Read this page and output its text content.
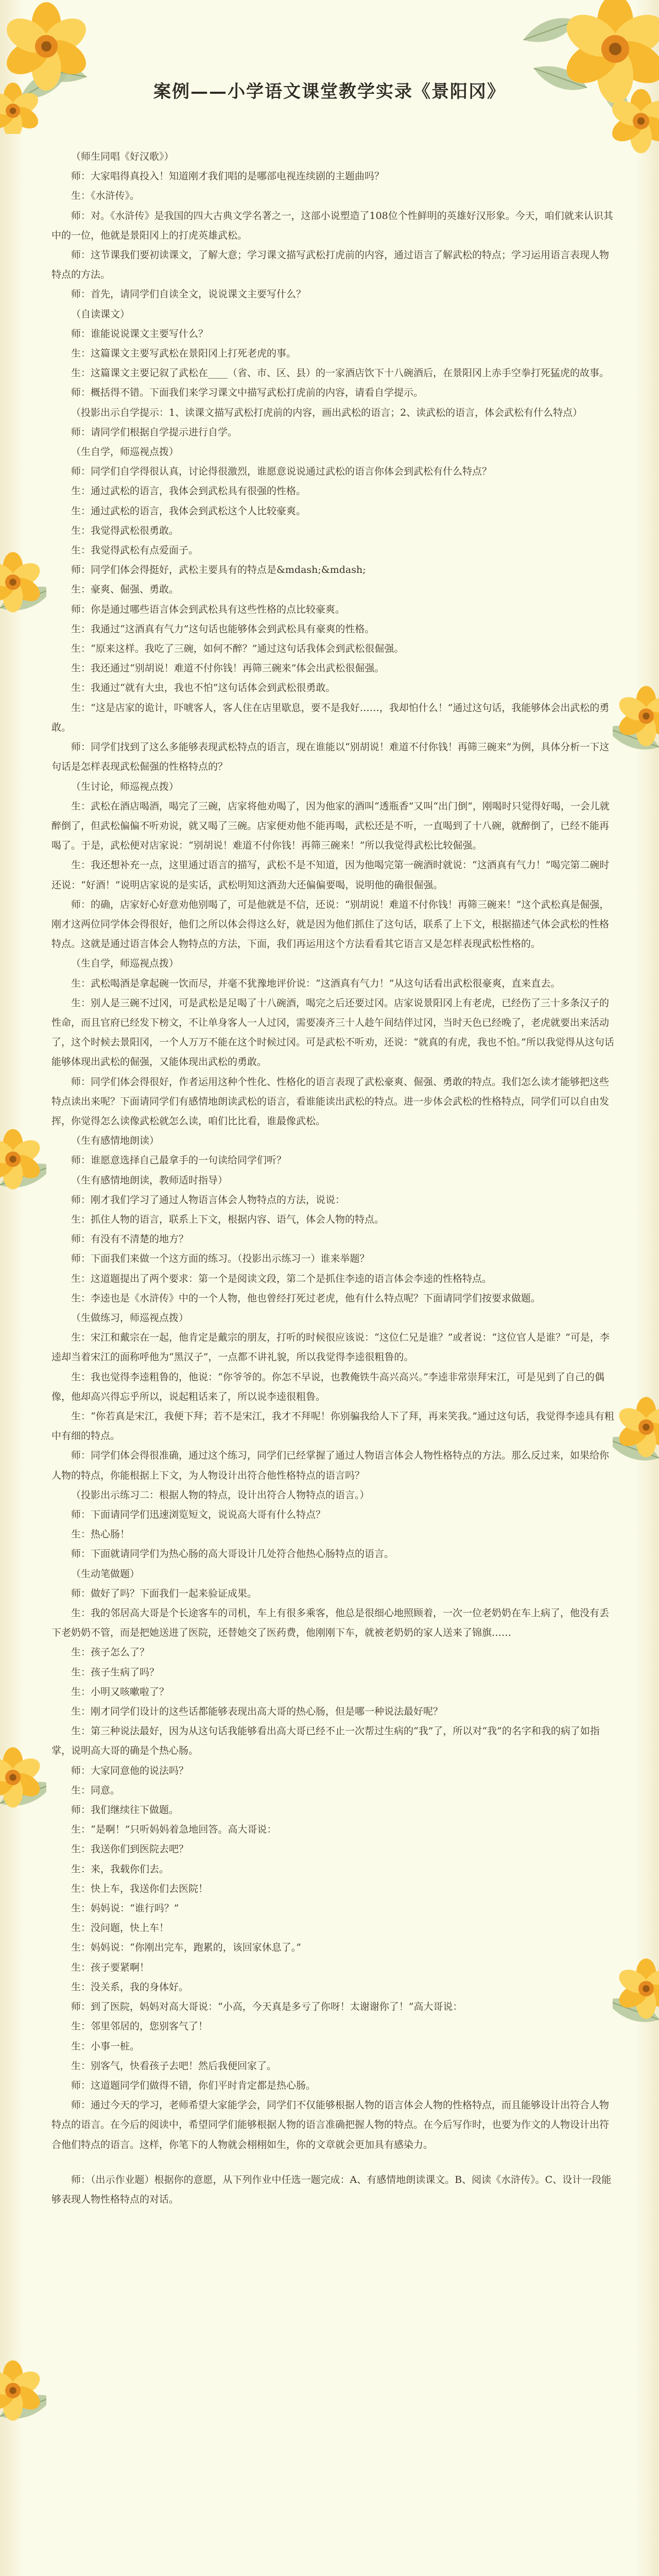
案例——小学语文课堂教学实录《景阳冈》

（师生同唱《好汉歌》）

师：大家唱得真投入！知道刚才我们唱的是哪部电视连续剧的主题曲吗？

生：《水浒传》。

师：对。《水浒传》是我国的四大古典文学名著之一，这部小说塑造了108位个性鲜明的英雄好汉形象。今天，咱们就来认识其中的一位，他就是景阳冈上的打虎英雄武松。

师：这节课我们要初读课文，了解大意；学习课文描写武松打虎前的内容，通过语言了解武松的特点；学习运用语言表现人物特点的方法。

师：首先，请同学们自读全文，说说课文主要写什么？

（自读课文）

师：谁能说说课文主要写什么？

生：这篇课文主要写武松在景阳冈上打死老虎的事。

生：这篇课文主要记叙了武松在____（省、市、区、县）的一家酒店饮下十八碗酒后，在景阳冈上赤手空拳打死猛虎的故事。

师：概括得不错。下面我们来学习课文中描写武松打虎前的内容，请看自学提示。

（投影出示自学提示：1、读课文描写武松打虎前的内容，画出武松的语言；2、读武松的语言，体会武松有什么特点）

师：请同学们根据自学提示进行自学。

（生自学，师巡视点拨）

师：同学们自学得很认真，讨论得很激烈，谁愿意说说通过武松的语言你体会到武松有什么特点？

生：通过武松的语言，我体会到武松具有很强的性格。

生：通过武松的语言，我体会到武松这个人比较豪爽。

生：我觉得武松很勇敢。

生：我觉得武松有点爱面子。

师：同学们体会得挺好，武松主要具有的特点是&mdash;&mdash;

生：豪爽、倔强、勇敢。

师：你是通过哪些语言体会到武松具有这些性格的点比较豪爽。

生：我通过“这酒真有气力”这句话也能够体会到武松具有豪爽的性格。

生：“原来这样。我吃了三碗，如何不醉？”通过这句话我体会到武松很倔强。

生：我还通过“别胡说！难道不付你钱！再筛三碗来”体会出武松很倔强。

生：我通过“就有大虫，我也不怕”这句话体会到武松很勇敢。

生：“这是店家的诡计，吓唬客人，客人住在店里歇息，要不是我好……，我却怕什么！”通过这句话，我能够体会出武松的勇敢。

师：同学们找到了这么多能够表现武松特点的语言，现在谁能以“别胡说！难道不付你钱！再筛三碗来”为例，具体分析一下这句话是怎样表现武松倔强的性格特点的？

（生讨论，师巡视点拨）

生：武松在酒店喝酒，喝完了三碗，店家将他劝喝了，因为他家的酒叫“透瓶香”又叫“出门倒”，刚喝时只觉得好喝，一会儿就醉倒了，但武松偏偏不听劝说，就又喝了三碗。店家便劝他不能再喝，武松还是不听，一直喝到了十八碗，就醉倒了，已经不能再喝了。于是，武松便对店家说：“别胡说！难道不付你钱！再筛三碗来！”所以我觉得武松比较倔强。

生：我还想补充一点，这里通过语言的描写，武松不是不知道，因为他喝完第一碗酒时就说：“这酒真有气力！”喝完第二碗时还说：“好酒！”说明店家说的是实话，武松明知这酒劲大还偏偏要喝，说明他的确很倔强。

师：的确，店家好心好意劝他别喝了，可是他就是不信，还说：“别胡说！难道不付你钱！再筛三碗来！”这个武松真是倔强，刚才这两位同学体会得很好，他们之所以体会得这么好，就是因为他们抓住了这句话，联系了上下文，根据描述气体会武松的性格特点。这就是通过语言体会人物特点的方法，下面，我们再运用这个方法看看其它语言又是怎样表现武松性格的。

（生自学，师巡视点拨）

生：武松喝酒是拿起碗一饮而尽，并毫不犹豫地评价说：“这酒真有气力！”从这句话看出武松很豪爽，直来直去。

生：别人是三碗不过冈，可是武松是足喝了十八碗酒，喝完之后还要过冈。店家说景阳冈上有老虎，已经伤了三十多条汉子的性命，而且官府已经发下榜文，不让单身客人一人过冈，需要凑齐三十人趁午间结伴过冈，当时天色已经晚了，老虎就要出来活动了，这个时候去景阳冈，一个人万万不能在这个时候过冈。可是武松不听劝，还说：“就真的有虎，我也不怕。”所以我觉得从这句话能够体现出武松的倔强，又能体现出武松的勇敢。

师：同学们体会得很好，作者运用这种个性化、性格化的语言表现了武松豪爽、倔强、勇敢的特点。我们怎么读才能够把这些特点读出来呢？下面请同学们有感情地朗读武松的语言，看谁能读出武松的特点。进一步体会武松的性格特点，同学们可以自由发挥，你觉得怎么读像武松就怎么读，咱们比比看，谁最像武松。

（生有感情地朗读）

师：谁愿意选择自己最拿手的一句读给同学们听？

（生有感情地朗读，教师适时指导）

师：刚才我们学习了通过人物语言体会人物特点的方法，说说：

生：抓住人物的语言，联系上下文，根据内容、语气，体会人物的特点。

师：有没有不清楚的地方？

师：下面我们来做一个这方面的练习。（投影出示练习一）谁来举题？

生：这道题提出了两个要求：第一个是阅读文段，第二个是抓住李逵的语言体会李逵的性格特点。

生：李逵也是《水浒传》中的一个人物，他也曾经打死过老虎，他有什么特点呢？下面请同学们按要求做题。

（生做练习，师巡视点拨）

生：宋江和戴宗在一起，他肯定是戴宗的朋友，打听的时候很应该说：“这位仁兄是谁？”或者说：“这位官人是谁？”可是，李逵却当着宋江的面称呼他为“黑汉子”，一点都不讲礼貌，所以我觉得李逵很粗鲁的。

生：我也觉得李逵粗鲁的，他说：“你爷爷的。你怎不早说，也教俺铁牛高兴高兴。”李逵非常崇拜宋江，可是见到了自己的偶像，他却高兴得忘乎所以，说起粗话来了，所以说李逵很粗鲁。

生：“你若真是宋江，我便下拜；若不是宋江，我才不拜呢！你别骗我给人下了拜，再来笑我。”通过这句话，我觉得李逵具有粗中有细的特点。

师：同学们体会得很准确，通过这个练习，同学们已经掌握了通过人物语言体会人物性格特点的方法。那么反过来，如果给你人物的特点，你能根据上下文，为人物设计出符合他性格特点的语言吗？

（投影出示练习二：根据人物的特点，设计出符合人物特点的语言。）

师：下面请同学们迅速浏览短文，说说高大哥有什么特点？

生：热心肠！

师：下面就请同学们为热心肠的高大哥设计几处符合他热心肠特点的语言。

（生动笔做题）

师：做好了吗？下面我们一起来验证成果。

生：我的邻居高大哥是个长途客车的司机，车上有很多乘客，他总是很细心地照顾着，一次一位老奶奶在车上病了，他没有丢下老奶奶不管，而是把她送进了医院，还替她交了医药费，他刚刚下车，就被老奶奶的家人送来了锦旗……

生：孩子怎么了？

生：孩子生病了吗？

生：小明又咳嗽啦了？

生：刚才同学们设计的这些话都能够表现出高大哥的热心肠，但是哪一种说法最好呢？

生：第三种说法最好，因为从这句话我能够看出高大哥已经不止一次帮过生病的“我”了，所以对“我”的名字和我的病了如指掌，说明高大哥的确是个热心肠。

师：大家同意他的说法吗？

生：同意。

师：我们继续往下做题。

生：“是啊！”只听妈妈着急地回答。高大哥说：

生：我送你们到医院去吧？

生：来，我载你们去。

生：快上车，我送你们去医院！

生：妈妈说：“谁行吗？”

生：没问题，快上车！

生：妈妈说：“你刚出完车，跑累的，该回家休息了。”

生：孩子要紧啊！

生：没关系，我的身体好。

师：到了医院，妈妈对高大哥说：“小高，今天真是多亏了你呀！太谢谢你了！”高大哥说：

生：邻里邻居的，您别客气了！

生：小事一桩。

生：别客气，快看孩子去吧！然后我便回家了。

师：这道题同学们做得不错，你们平时肯定都是热心肠。

师：通过今天的学习，老师希望大家能学会，同学们不仅能够根据人物的语言体会人物的性格特点，而且能够设计出符合人物特点的语言。在今后的阅读中，希望同学们能够根据人物的语言准确把握人物的特点。在今后写作时，也要为作文的人物设计出符合他们特点的语言。这样，你笔下的人物就会栩栩如生，你的文章就会更加具有感染力。

师：（出示作业题）根据你的意愿，从下列作业中任选一题完成：A、有感情地朗读课文。B、阅读《水浒传》。C、设计一段能够表现人物性格特点的对话。
